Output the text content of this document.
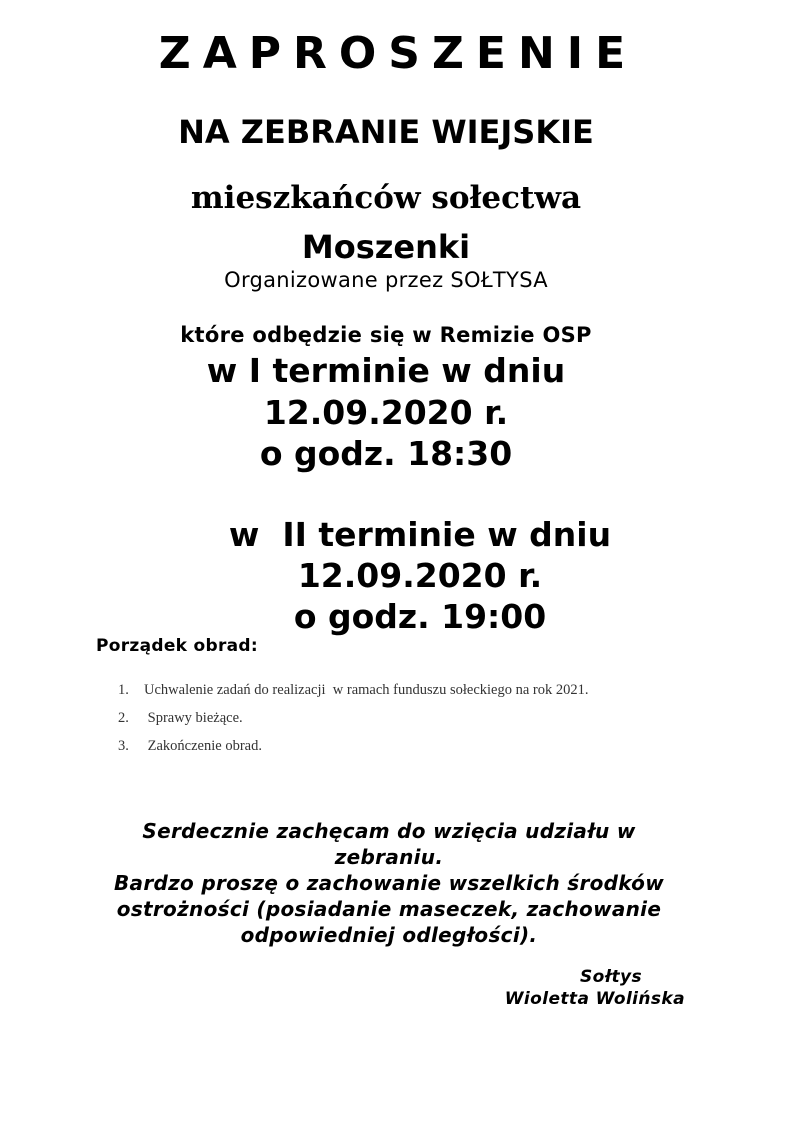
ZAPROSZENIE
NA ZEBRANIE WIEJSKIE
mieszkańców sołectwa
Moszenki
Organizowane przez SOŁTYSA
które odbędzie się w Remizie OSP
w I terminie w dniu
12.09.2020 r.
o godz. 18:30
w  II terminie w dniu
12.09.2020 r.
o godz. 19:00
Porządek obrad:
1. Uchwalenie zadań do realizacji  w ramach funduszu sołeckiego na rok 2021.
2. Sprawy bieżące.
3. Zakończenie obrad.
Serdecznie zachęcam do wzięcia udziału w
zebraniu.
Bardzo proszę o zachowanie wszelkich środków
ostrożności (posiadanie maseczek, zachowanie
odpowiedniej odległości).
Sołtys
Wioletta Wolińska
